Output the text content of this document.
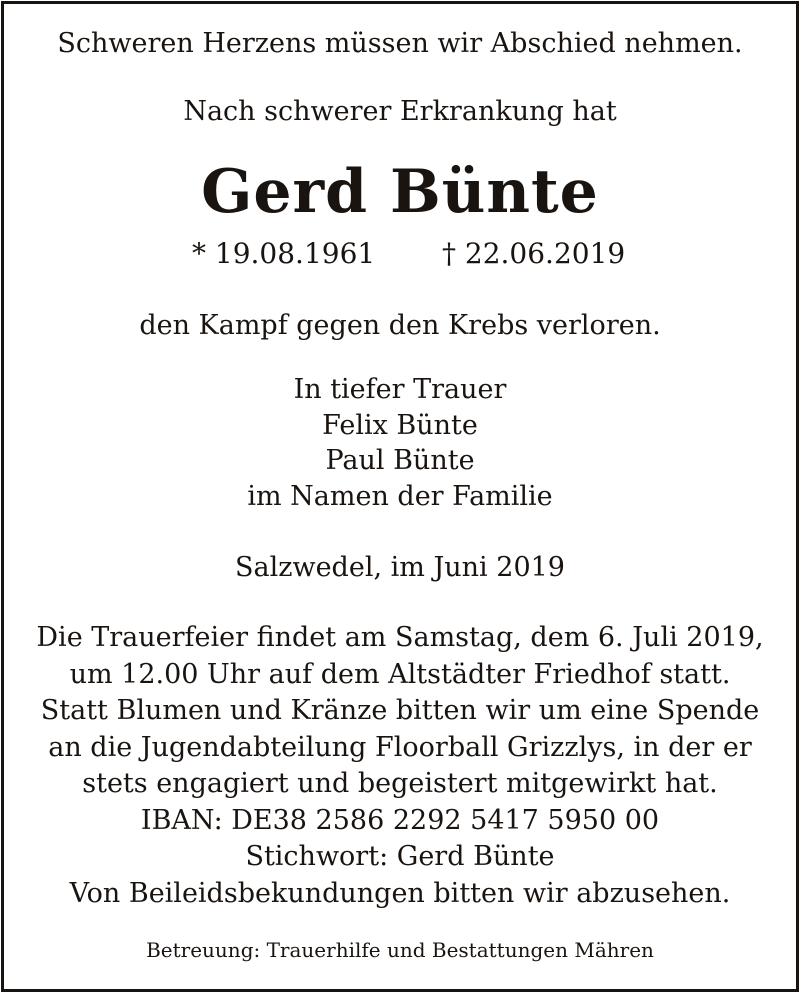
Schweren Herzens müssen wir Abschied nehmen.
Nach schwerer Erkrankung hat
Gerd Bünte
* 19.08.1961 † 22.06.2019
den Kampf gegen den Krebs verloren.
In tiefer Trauer
Felix Bünte
Paul Bünte
im Namen der Familie
Salzwedel, im Juni 2019
Die Trauerfeier findet am Samstag, dem 6. Juli 2019,
um 12.00 Uhr auf dem Altstädter Friedhof statt.
Statt Blumen und Kränze bitten wir um eine Spende
an die Jugendabteilung Floorball Grizzlys, in der er
stets engagiert und begeistert mitgewirkt hat.
IBAN: DE38 2586 2292 5417 5950 00
Stichwort: Gerd Bünte
Von Beileidsbekundungen bitten wir abzusehen.
Betreuung: Trauerhilfe und Bestattungen Mähren
